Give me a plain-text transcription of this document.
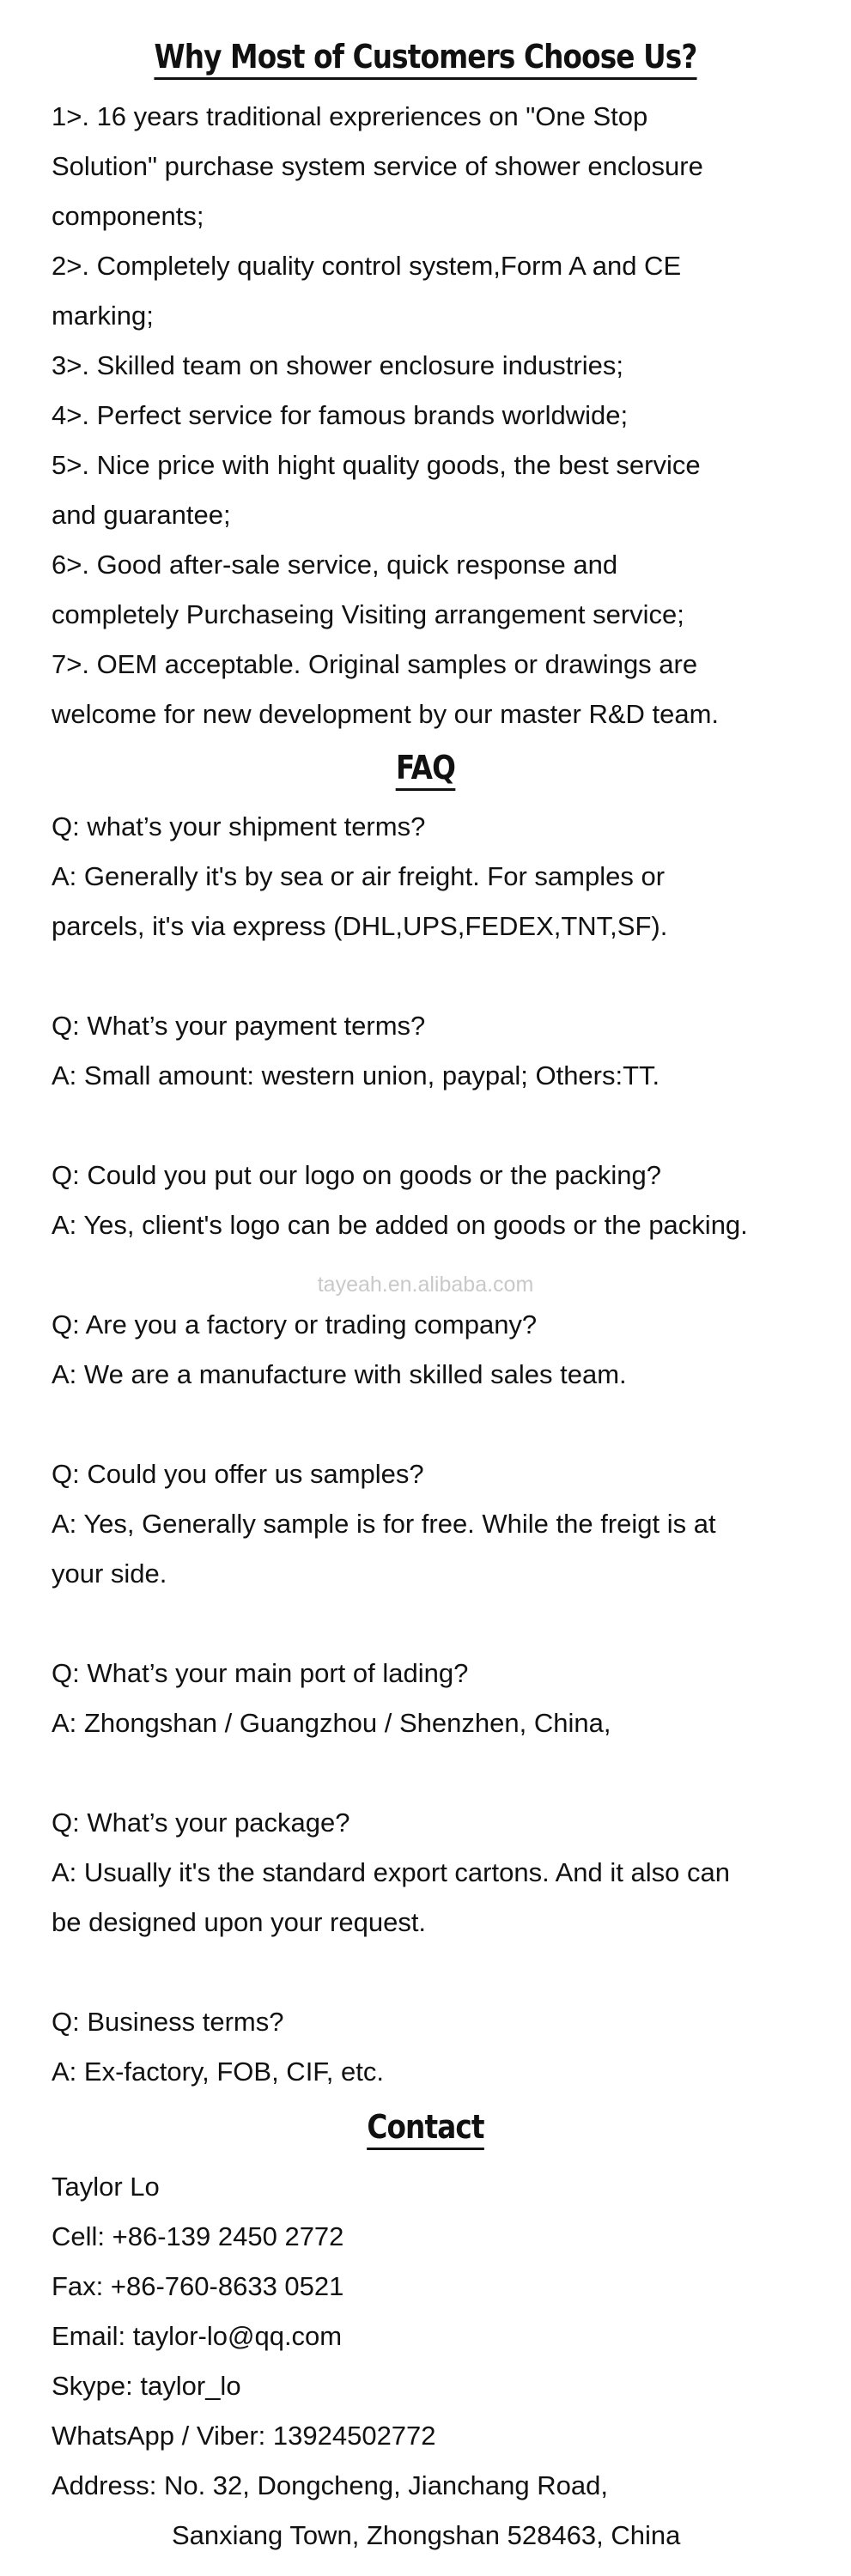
Why Most of Customers Choose Us?
1>. 16 years traditional expreriences on "One Stop
Solution" purchase system service of shower enclosure
components;
2>. Completely quality control system,Form A and CE
marking;
3>. Skilled team on shower enclosure industries;
4>. Perfect service for famous brands worldwide;
5>. Nice price with hight quality goods, the best service
and guarantee;
6>. Good after-sale service, quick response and
completely Purchaseing Visiting arrangement service;
7>. OEM acceptable. Original samples or drawings are
welcome for new development by our master R&D team.
FAQ
Q: what’s your shipment terms?
A: Generally it's by sea or air freight. For samples or
parcels, it's via express (DHL,UPS,FEDEX,TNT,SF).
Q: What’s your payment terms?
A: Small amount: western union, paypal; Others:TT.
Q: Could you put our logo on goods or the packing?
A: Yes, client's logo can be added on goods or the packing.
tayeah.en.alibaba.com
Q: Are you a factory or trading company?
A: We are a manufacture with skilled sales team.
Q: Could you offer us samples?
A: Yes, Generally sample is for free. While the freigt is at
your side.
Q: What’s your main port of lading?
A: Zhongshan / Guangzhou / Shenzhen, China,
Q: What’s your package?
A: Usually it's the standard export cartons. And it also can
be designed upon your request.
Q: Business terms?
A: Ex-factory, FOB, CIF, etc.
Contact
Taylor Lo
Cell: +86-139 2450 2772
Fax: +86-760-8633 0521
Email: taylor-lo@qq.com
Skype: taylor_lo
WhatsApp / Viber: 13924502772
Address: No. 32, Dongcheng, Jianchang Road,
Sanxiang Town, Zhongshan 528463, China
